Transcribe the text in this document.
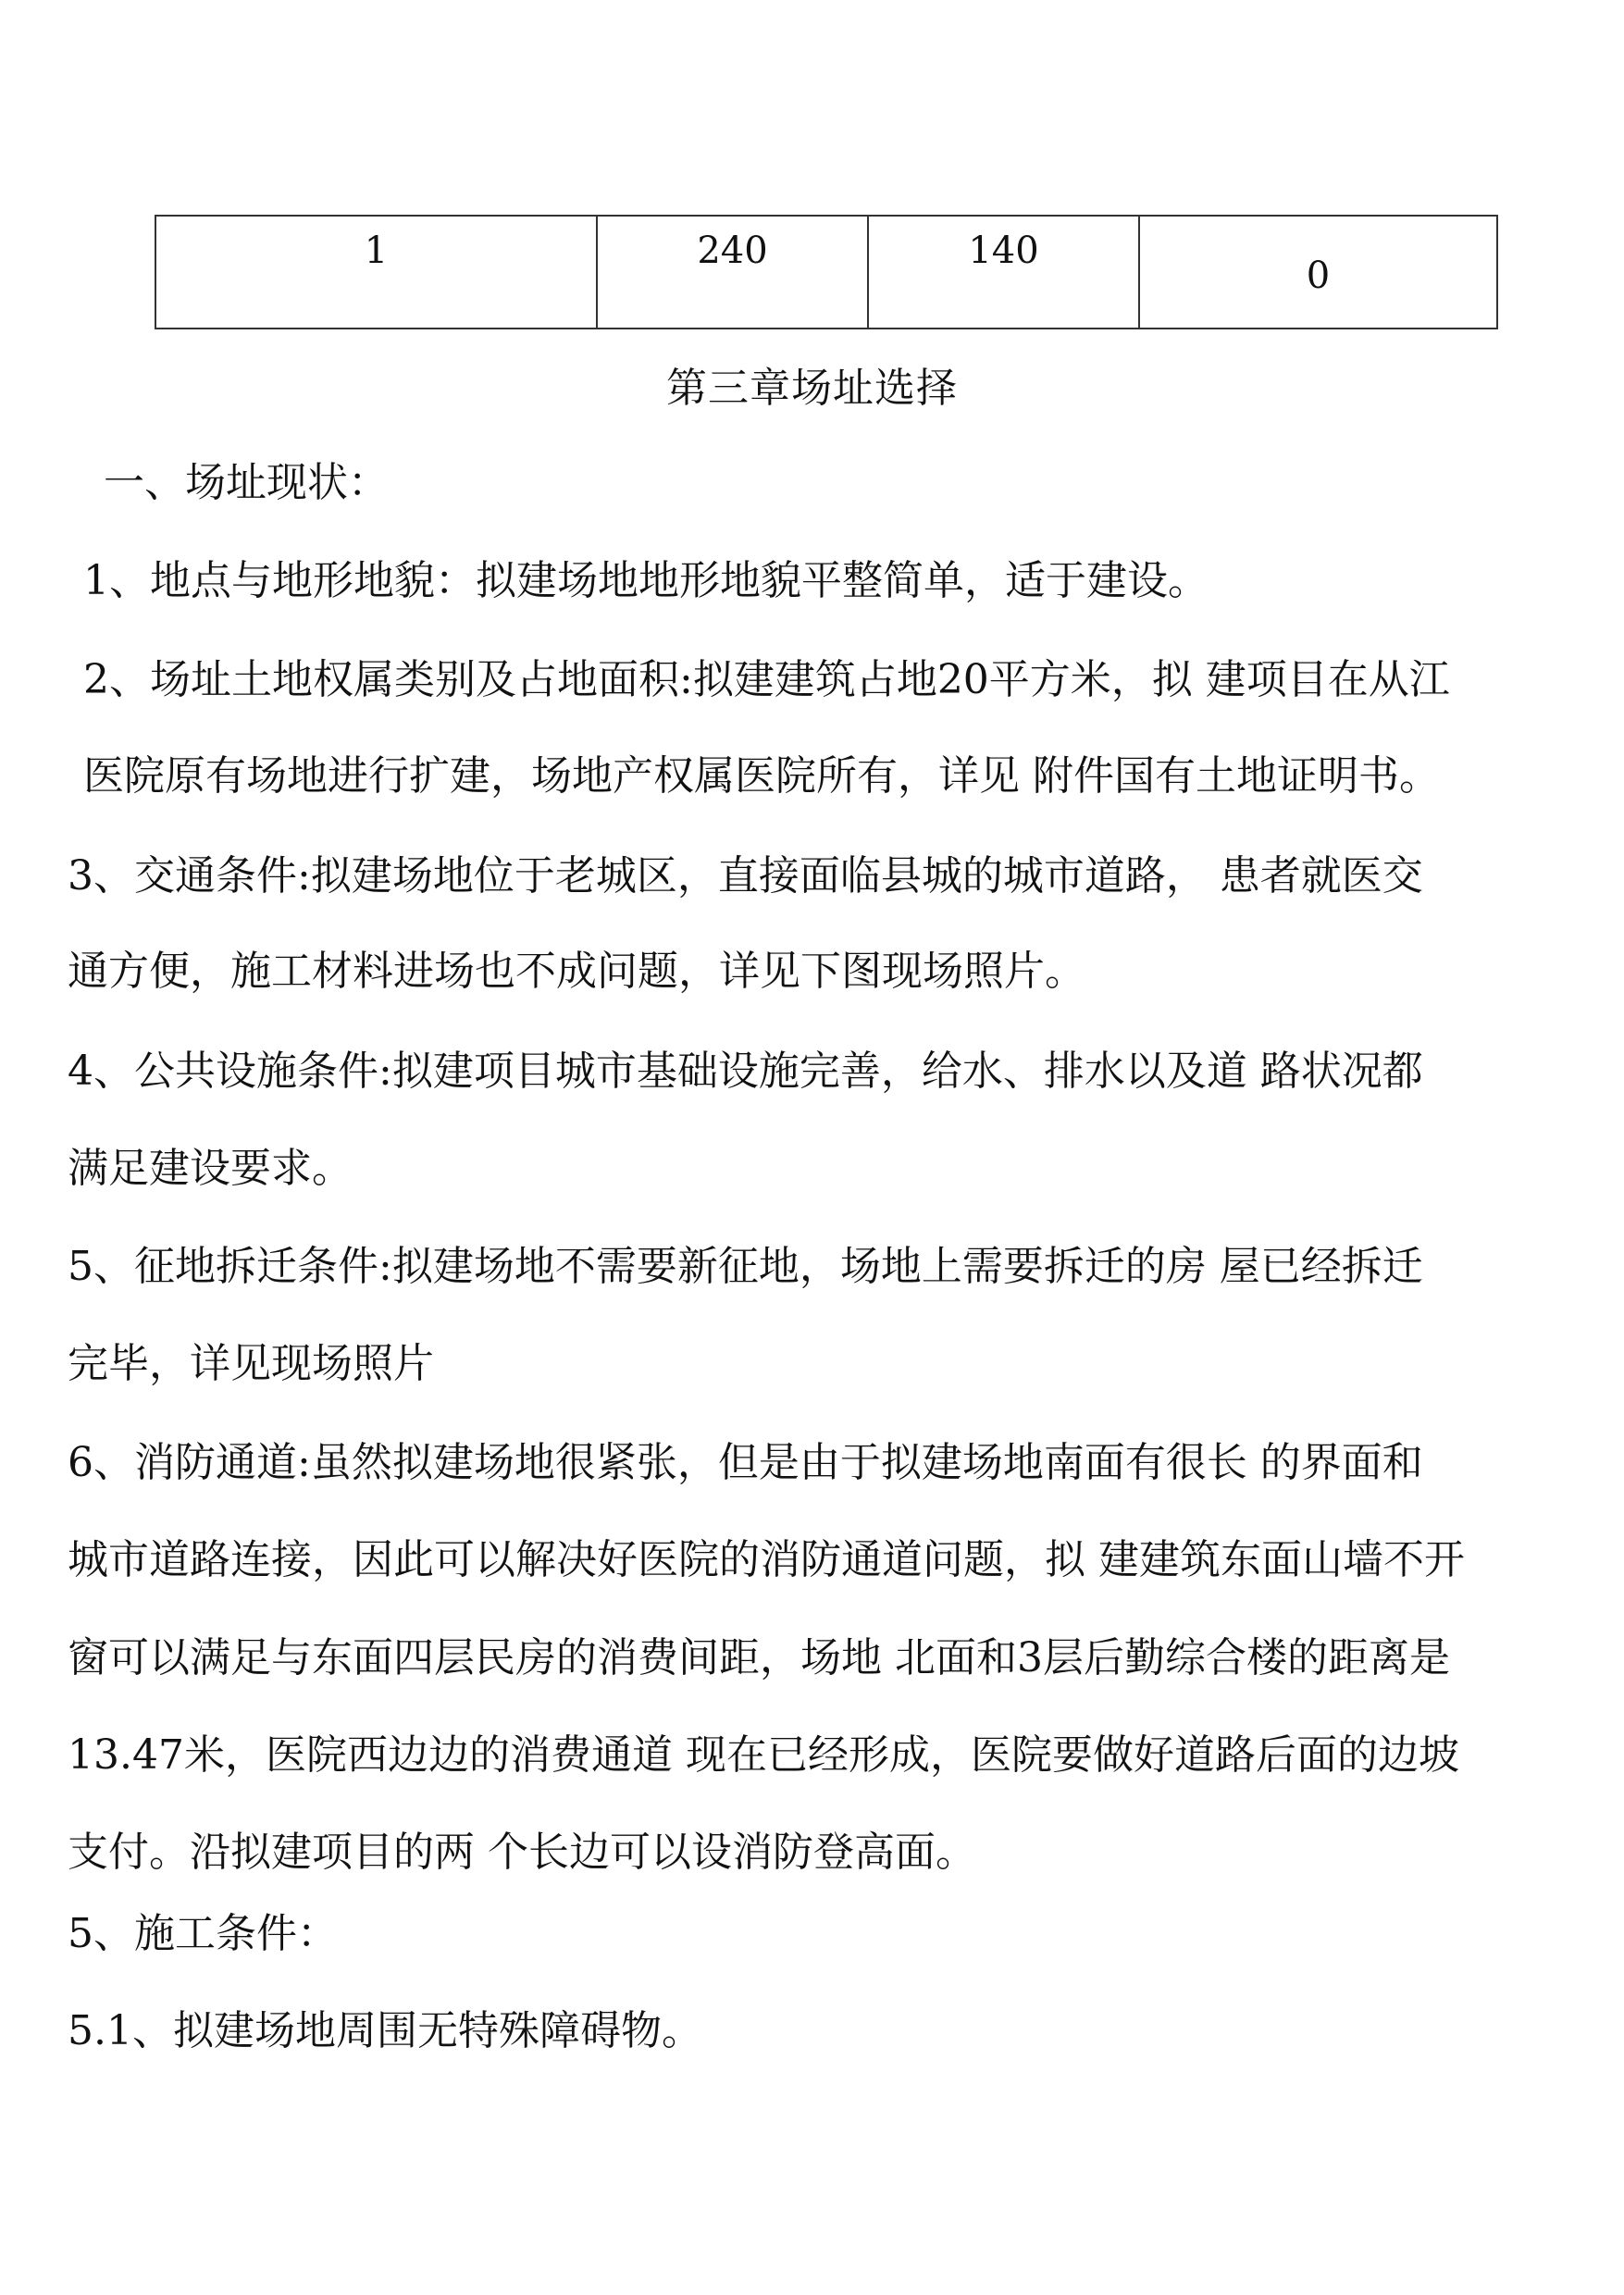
1	240	140	0
第三章场址选择

一、场址现状：

1、地点与地形地貌：拟建场地地形地貌平整简单，适于建设。

2、场址土地权属类别及占地面积:拟建建筑占地20平方米，拟 建项目在从江

医院原有场地进行扩建，场地产权属医院所有，详见 附件国有土地证明书。

3、交通条件:拟建场地位于老城区，直接面临县城的城市道路， 患者就医交

通方便，施工材料进场也不成问题，详见下图现场照片。

4、公共设施条件:拟建项目城市基础设施完善，给水、排水以及道 路状况都

满足建设要求。

5、征地拆迁条件:拟建场地不需要新征地，场地上需要拆迁的房 屋已经拆迁

完毕，详见现场照片

6、消防通道:虽然拟建场地很紧张，但是由于拟建场地南面有很长 的界面和

城市道路连接，因此可以解决好医院的消防通道问题，拟 建建筑东面山墙不开

窗可以满足与东面四层民房的消费间距，场地 北面和3层后勤综合楼的距离是

13.47米，医院西边边的消费通道 现在已经形成，医院要做好道路后面的边坡

支付。沿拟建项目的两 个长边可以设消防登高面。

5、施工条件：

5.1、拟建场地周围无特殊障碍物。
